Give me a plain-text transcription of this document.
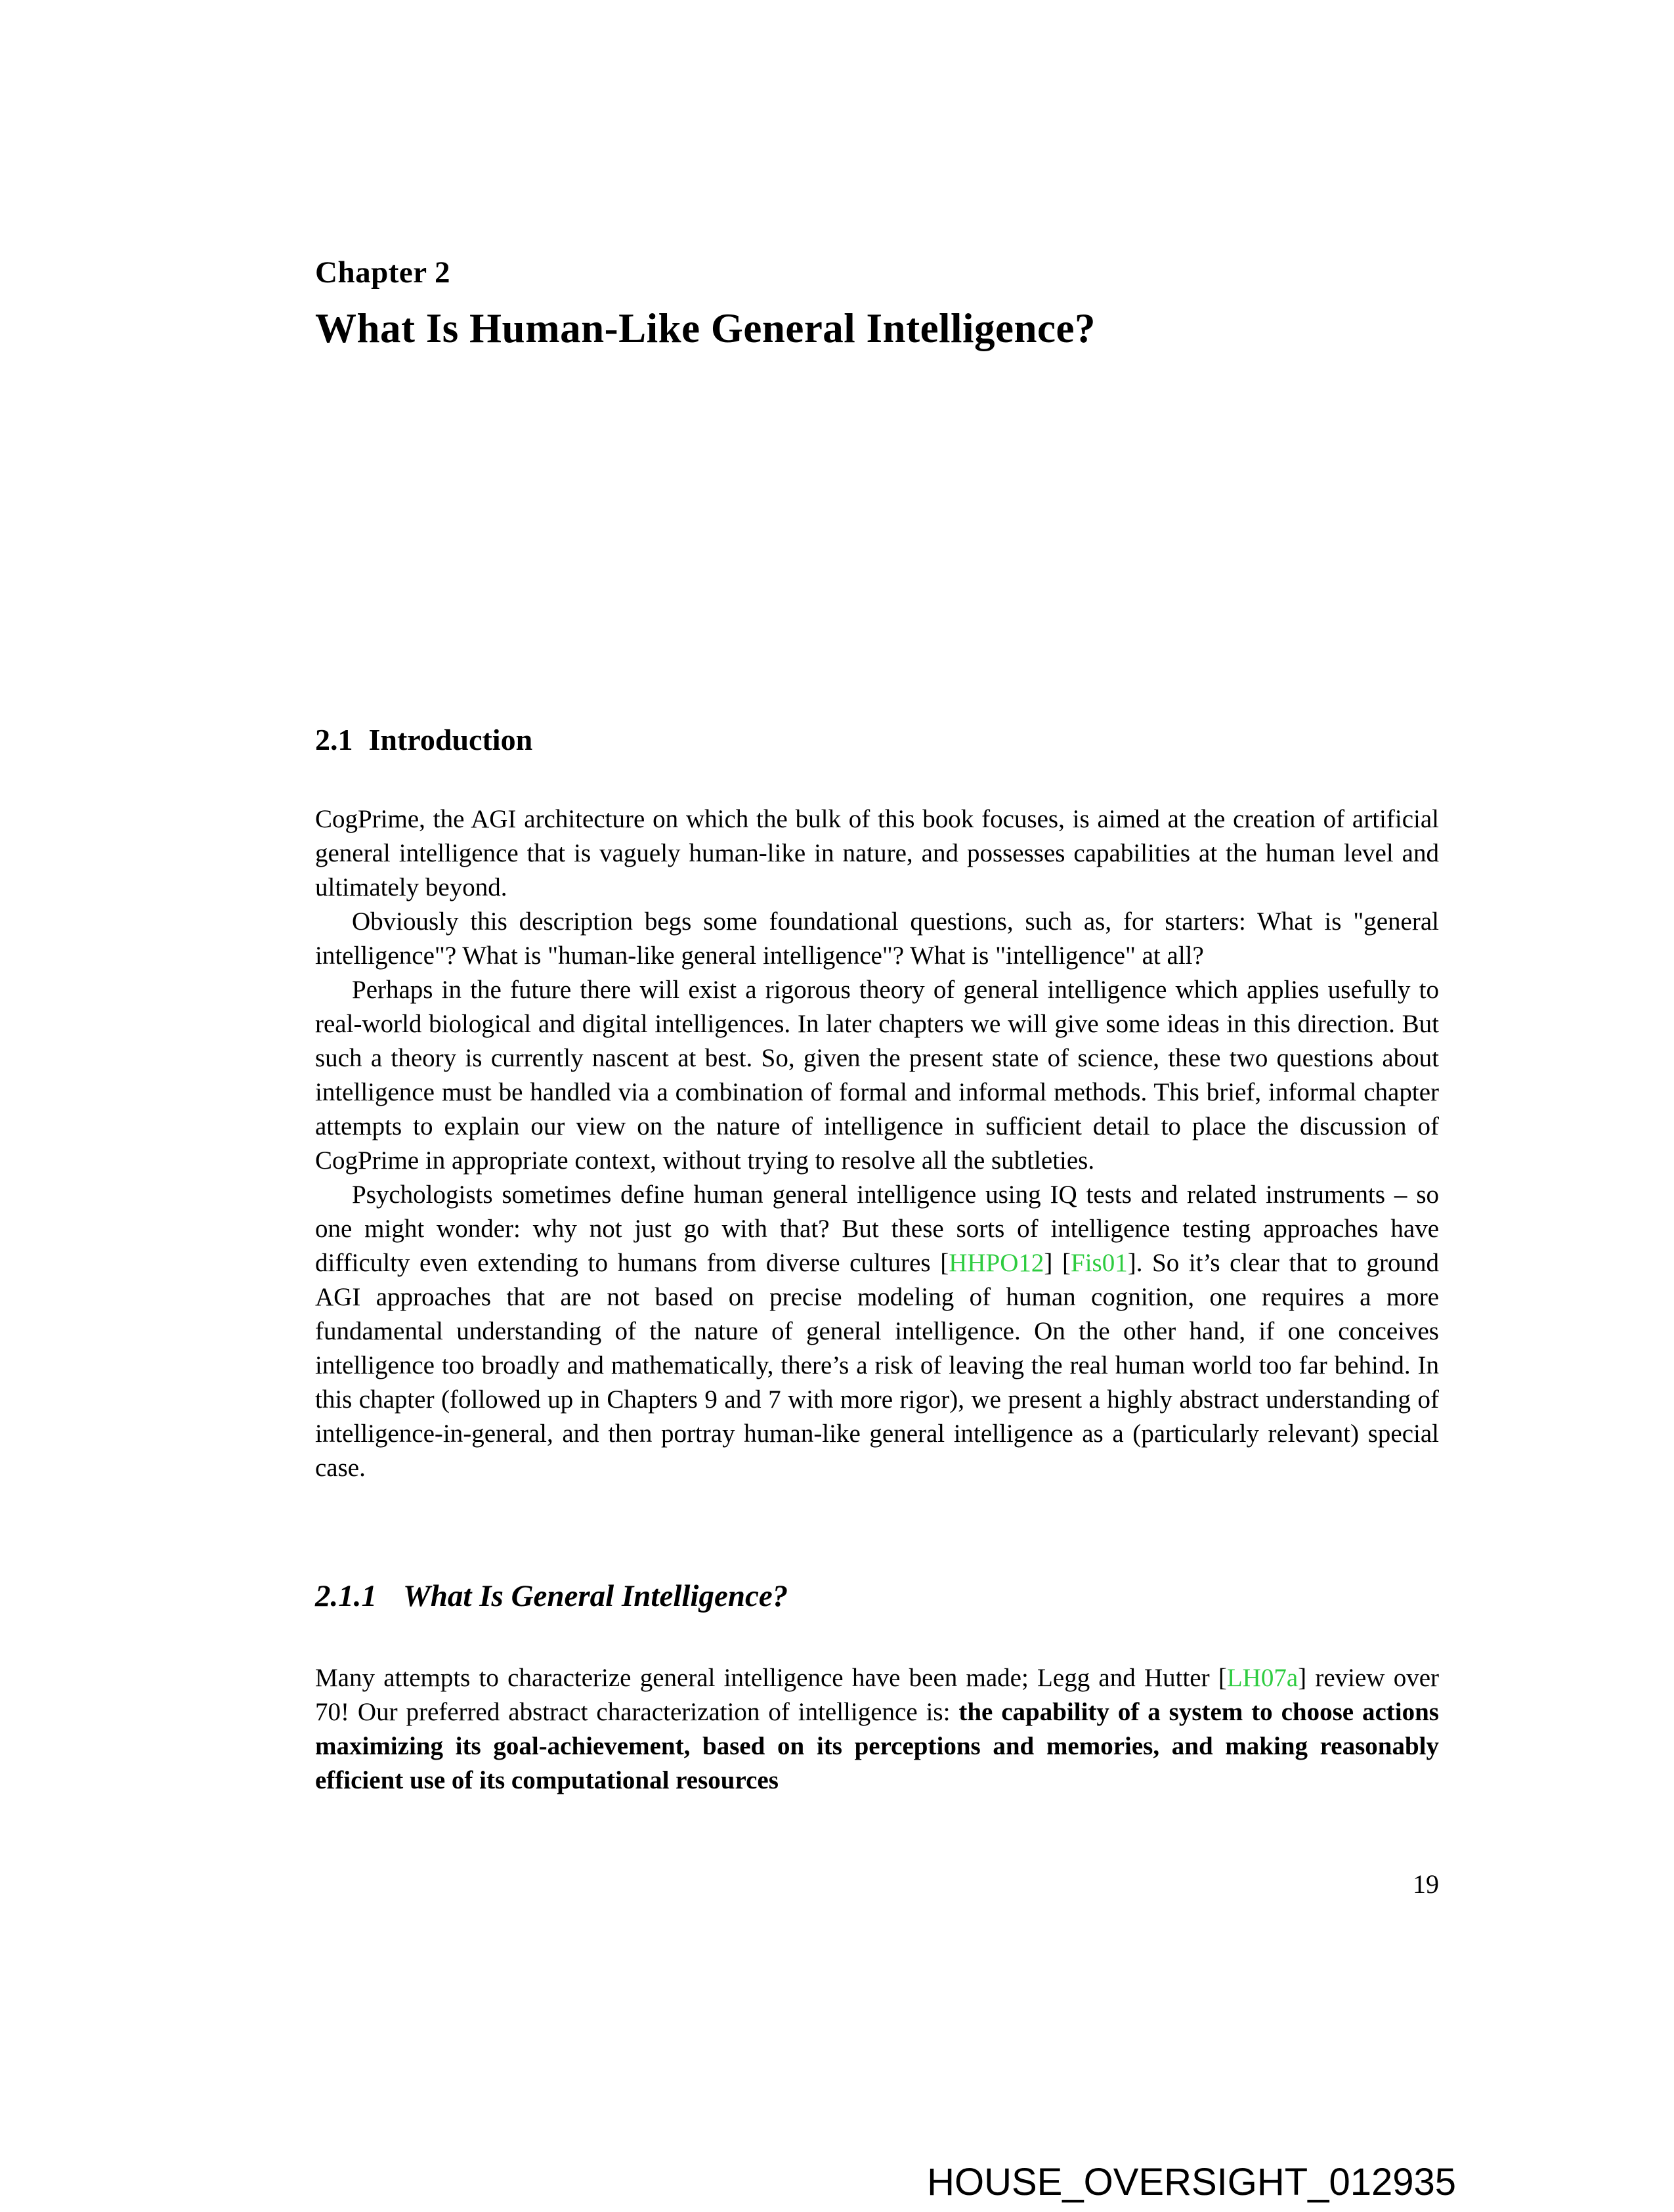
Chapter 2
What Is Human-Like General Intelligence?
2.1 Introduction

CogPrime, the AGI architecture on which the bulk of this book focuses, is aimed at the creation of artificial general intelligence that is vaguely human-like in nature, and possesses capabilities at the human level and ultimately beyond.

Obviously this description begs some foundational questions, such as, for starters: What is "general intelligence"? What is "human-like general intelligence"? What is "intelligence" at all?

Perhaps in the future there will exist a rigorous theory of general intelligence which applies usefully to real-world biological and digital intelligences. In later chapters we will give some ideas in this direction. But such a theory is currently nascent at best. So, given the present state of science, these two questions about intelligence must be handled via a combination of formal and informal methods. This brief, informal chapter attempts to explain our view on the nature of intelligence in sufficient detail to place the discussion of CogPrime in appropriate context, without trying to resolve all the subtleties.

Psychologists sometimes define human general intelligence using IQ tests and related instruments – so one might wonder: why not just go with that? But these sorts of intelligence testing approaches have difficulty even extending to humans from diverse cultures [HHPO12] [Fis01]. So it’s clear that to ground AGI approaches that are not based on precise modeling of human cognition, one requires a more fundamental understanding of the nature of general intelligence. On the other hand, if one conceives intelligence too broadly and mathematically, there’s a risk of leaving the real human world too far behind. In this chapter (followed up in Chapters 9 and 7 with more rigor), we present a highly abstract understanding of intelligence-in-general, and then portray human-like general intelligence as a (particularly relevant) special case.

2.1.1 What Is General Intelligence?

Many attempts to characterize general intelligence have been made; Legg and Hutter [LH07a] review over 70! Our preferred abstract characterization of intelligence is: the capability of a system to choose actions maximizing its goal-achievement, based on its perceptions and memories, and making reasonably efficient use of its computational resources

19
HOUSE_OVERSIGHT_012935
